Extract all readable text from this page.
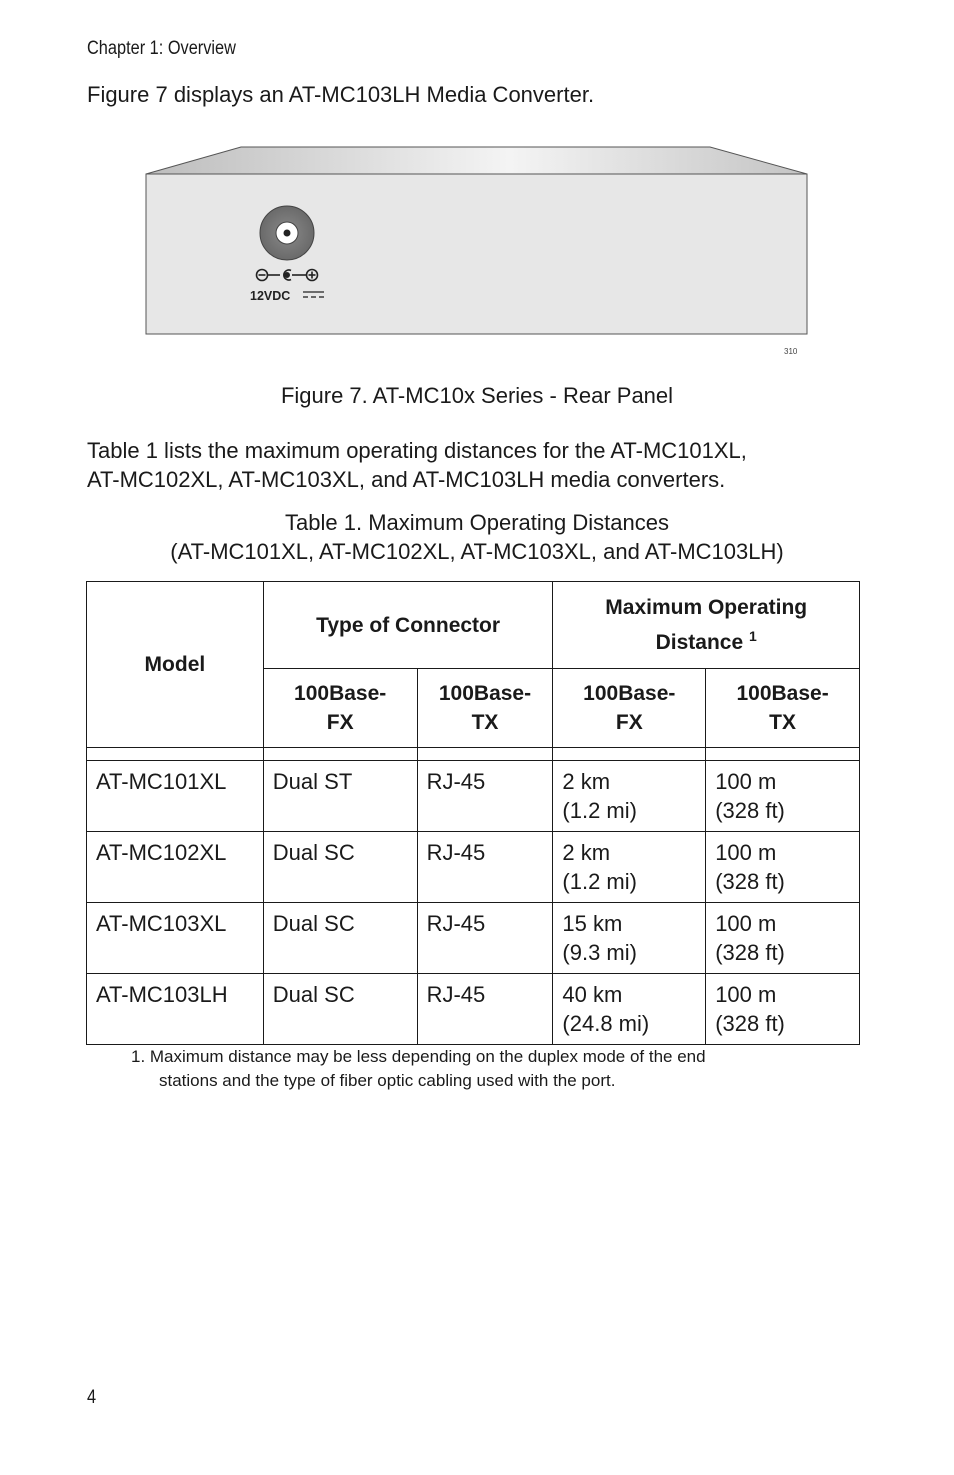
Chapter 1: Overview
Figure 7 displays an AT-MC103LH Media Converter.
12VDC
310
Figure 7. AT-MC10x Series - Rear Panel
Table 1 lists the maximum operating distances for the AT-MC101XL,
AT-MC102XL, AT-MC103XL, and AT-MC103LH media converters.
Table 1. Maximum Operating Distances
(AT-MC101XL, AT-MC102XL, AT-MC103XL, and AT-MC103LH)
Model	Type of Connector		Maximum Operating
Distance $^1$
	100Base-
FX	100Base-
TX	100Base-
FX	100Base-
TX

AT-MC101XL	Dual ST	RJ-45	2 km
(1.2 mi)	100 m
(328 ft)
AT-MC102XL	Dual SC	RJ-45	2 km
(1.2 mi)	100 m
(328 ft)
AT-MC103XL	Dual SC	RJ-45	15 km
(9.3 mi)	100 m
(328 ft)
AT-MC103LH	Dual SC	RJ-45	40 km
(24.8 mi)	100 m
(328 ft)
1. Maximum distance may be less depending on the duplex mode of the end
stations and the type of fiber optic cabling used with the port.
4
